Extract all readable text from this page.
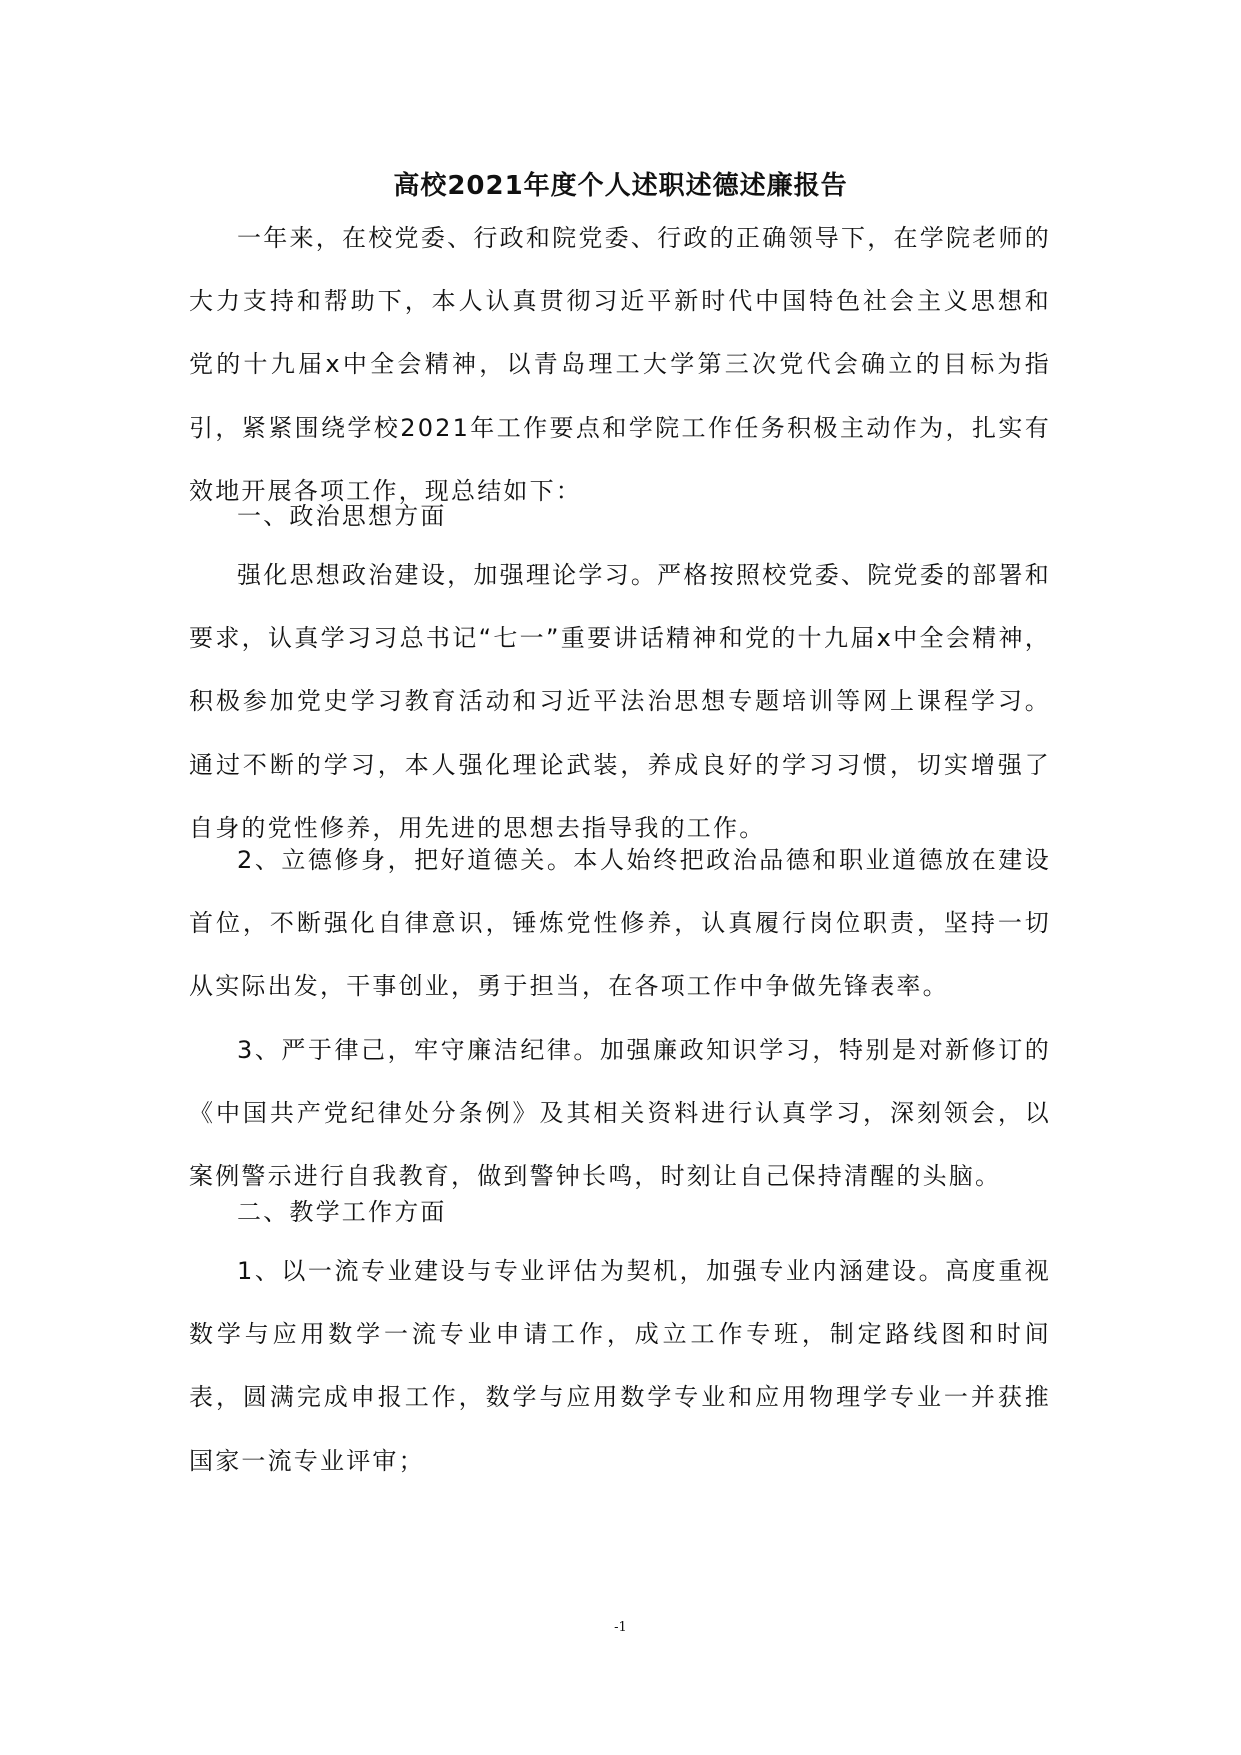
高校2021年度个人述职述德述廉报告

一年来，在校党委、行政和院党委、行政的正确领导下，在学院老师的大力支持和帮助下，本人认真贯彻习近平新时代中国特色社会主义思想和党的十九届x中全会精神，以青岛理工大学第三次党代会确立的目标为指引，紧紧围绕学校2021年工作要点和学院工作任务积极主动作为，扎实有效地开展各项工作，现总结如下：

一、政治思想方面

强化思想政治建设，加强理论学习。严格按照校党委、院党委的部署和要求，认真学习习总书记“七一”重要讲话精神和党的十九届x中全会精神，积极参加党史学习教育活动和习近平法治思想专题培训等网上课程学习。通过不断的学习，本人强化理论武装，养成良好的学习习惯，切实增强了自身的党性修养，用先进的思想去指导我的工作。

2、立德修身，把好道德关。本人始终把政治品德和职业道德放在建设首位，不断强化自律意识，锤炼党性修养，认真履行岗位职责，坚持一切从实际出发，干事创业，勇于担当，在各项工作中争做先锋表率。

3、严于律己，牢守廉洁纪律。加强廉政知识学习，特别是对新修订的《中国共产党纪律处分条例》及其相关资料进行认真学习，深刻领会，以案例警示进行自我教育，做到警钟长鸣，时刻让自己保持清醒的头脑。

二、教学工作方面

1、以一流专业建设与专业评估为契机，加强专业内涵建设。高度重视数学与应用数学一流专业申请工作，成立工作专班，制定路线图和时间表，圆满完成申报工作，数学与应用数学专业和应用物理学专业一并获推国家一流专业评审；

-1
